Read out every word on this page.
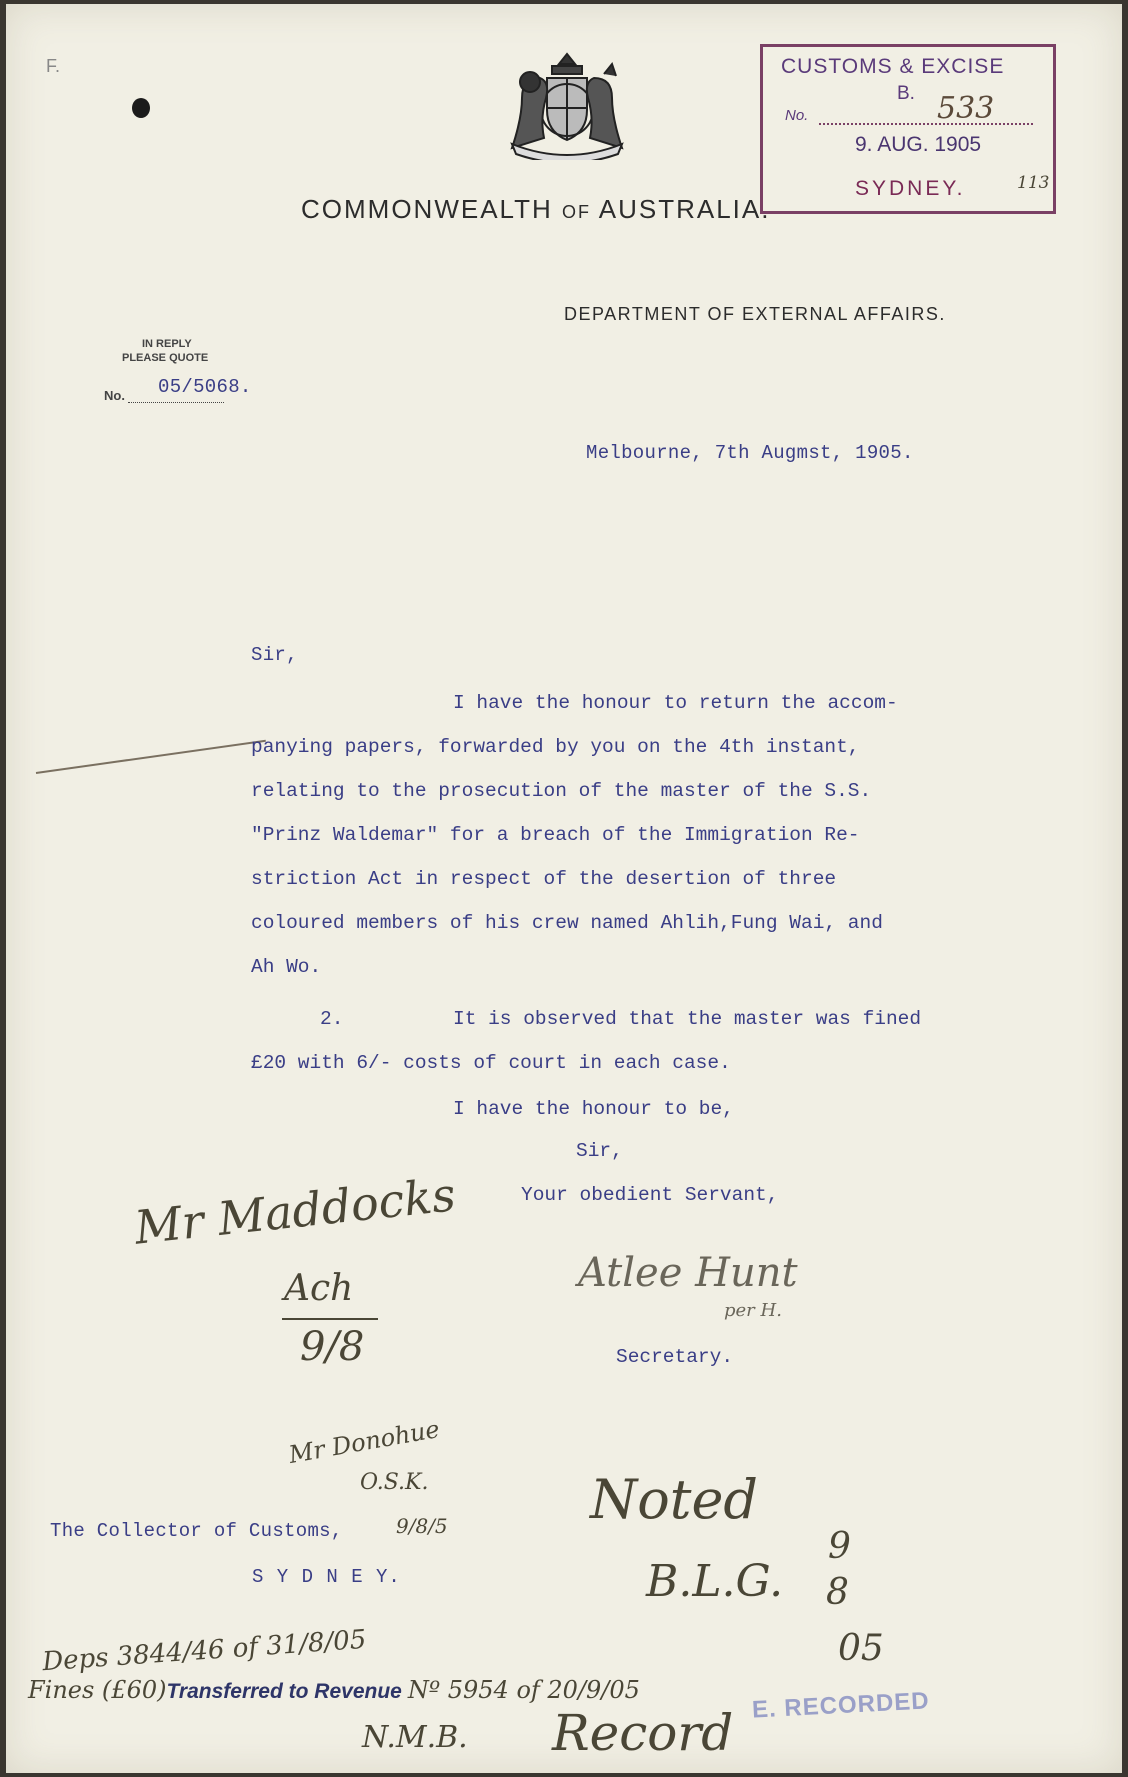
F.
COMMONWEALTH OF AUSTRALIA.
DEPARTMENT OF EXTERNAL AFFAIRS.
CUSTOMS & EXCISE
B.
No.	533
9. AUG. 1905
SYDNEY.	113
IN REPLY
PLEASE QUOTE
No. 05/5068.
Melbourne, 7th Augmst, 1905.
Sir,
I have the honour to return the accom-
panying papers, forwarded by you on the 4th instant,
relating to the prosecution of the master of the S.S.
"Prinz Waldemar" for a breach of the Immigration Re-
striction Act in respect of the desertion of three
coloured members of his crew named Ahlih,Fung Wai, and
Ah Wo.
2.	It is observed that the master was fined
£20 with 6/- costs of court in each case.
I have the honour to be,
Sir,
Your obedient Servant,
Atlee Hunt
per H.
Secretary.
Mr Maddocks
Ach
9/8
Mr Donohue
O.S.K.
9/8/5
The Collector of Customs,
S Y D N E Y.
Noted
B.L.G.
9
8
05
Deps 3844/46 of 31/8/05
Fines (£60)Transferred to Revenue Nº 5954 of 20/9/05
N.M.B. Record E. RECORDED
